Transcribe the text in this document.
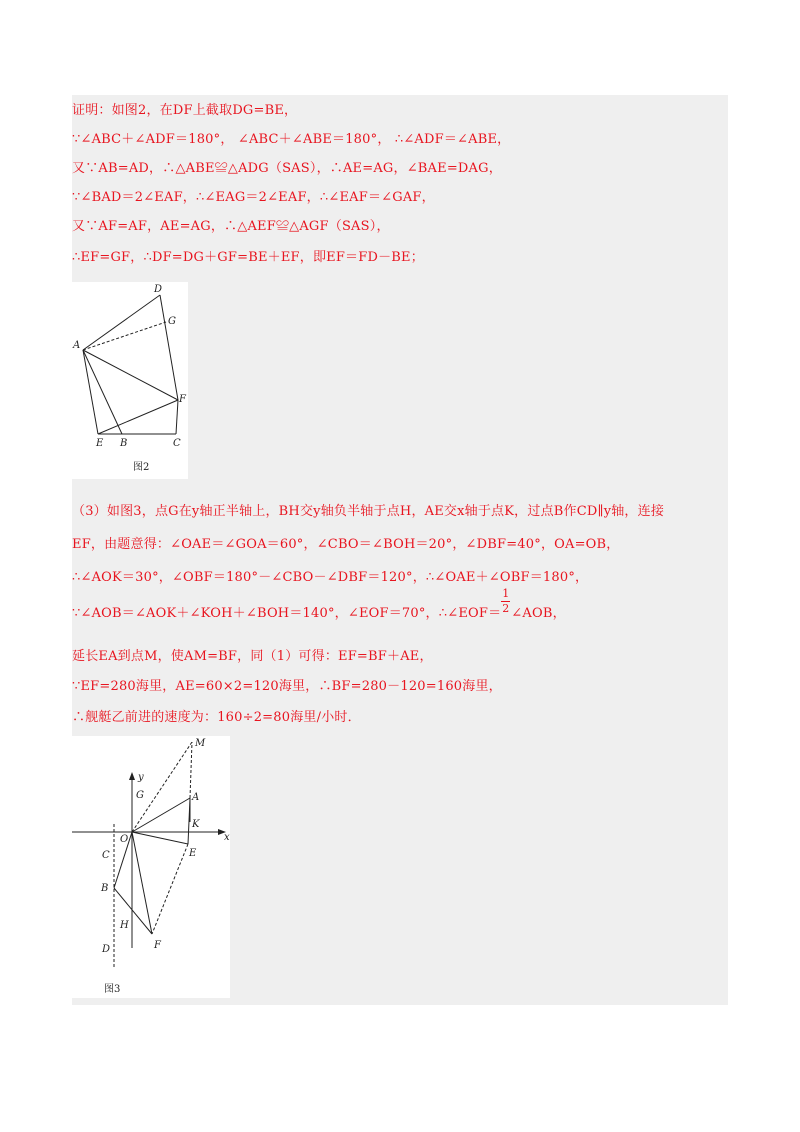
证明：如图2，在DF上截取DG=BE，
∵∠ABC＋∠ADF＝180°， ∠ABC＋∠ABE＝180°， ∴∠ADF＝∠ABE，
又∵AB=AD，∴△ABE≌△ADG（SAS），∴AE=AG，∠BAE=DAG，
∵∠BAD＝2∠EAF，∴∠EAG＝2∠EAF，∴∠EAF＝∠GAF，
又∵AF=AF，AE=AG，∴△AEF≌△AGF（SAS），
∴EF=GF，∴DF=DG＋GF=BE＋EF，即EF＝FD－BE；
D
G
A
F
E B	C
图2
（3）如图3，点G在y轴正半轴上，BH交y轴负半轴于点H，AE交x轴于点K，过点B作CD∥y轴，连接
EF，由题意得：∠OAE＝∠GOA＝60°，∠CBO＝∠BOH＝20°，∠DBF=40°，OA=OB，
∴∠AOK＝30°，∠OBF＝180°－∠CBO－∠DBF＝120°，∴∠OAE＋∠OBF＝180°，
∵∠AOB＝∠AOK＋∠KOH＋∠BOH＝140°，∠EOF＝70°，∴∠EOF＝ $\frac{1}{2}$ ∠AOB，
延长EA到点M，使AM=BF，同（1）可得：EF=BF＋AE，
∵EF=280海里，AE=60×2=120海里，∴BF=280－120=160海里，
∴舰艇乙前进的速度为：160÷2=80海里/小时．
M
y
G	A
K
O	x
C	E
B
H
D	F
图3
